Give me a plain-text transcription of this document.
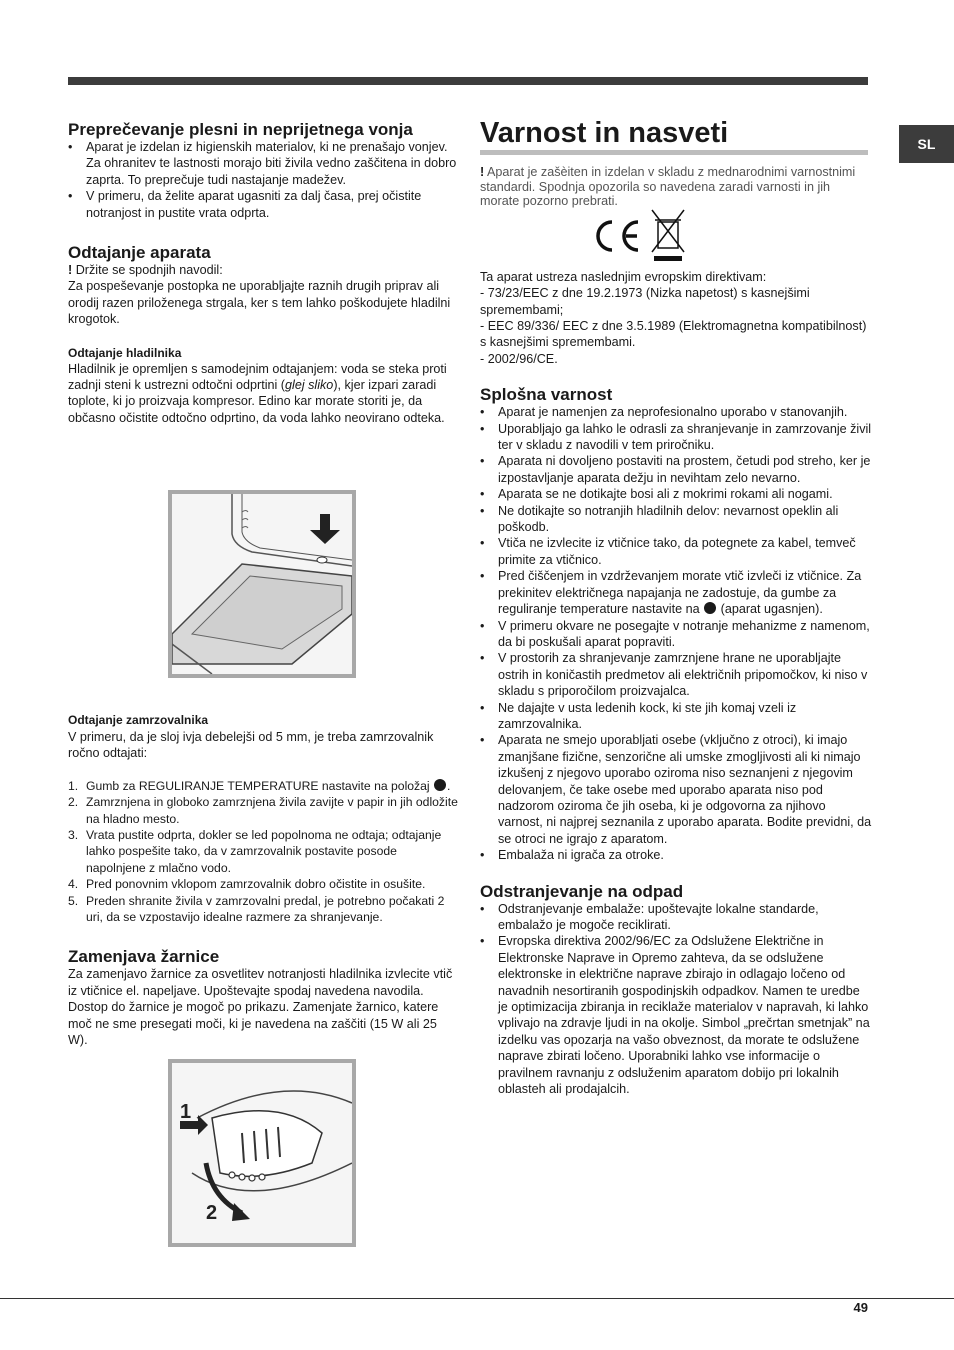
SL
Preprečevanje plesni in neprijetnega vonja
• Aparat je izdelan iz higienskih materialov, ki ne prenašajo vonjev. Za ohranitev te lastnosti morajo biti živila vedno zaščitena in dobro zaprta. To preprečuje tudi nastajanje madežev.
• V primeru, da želite aparat ugasniti za dalj časa, prej očistite notranjost in pustite vrata odprta.
Odtajanje aparata

! Držite se spodnjih navodil:

Za pospeševanje postopka ne uporabljajte raznih drugih priprav ali orodij razen priloženega strgala, ker s tem lahko poškodujete hladilni krogotok.

Odtajanje hladilnika

Hladilnik je opremljen s samodejnim odtajanjem: voda se steka proti zadnji steni k ustrezni odtočni odprtini (glej sliko), kjer izpari zaradi toplote, ki jo proizvaja kompresor. Edino kar morate storiti je, da občasno očistite odtočno odprtino, da voda lahko neovirano odteka.

Odtajanje zamrzovalnika

V primeru, da je sloj ivja debelejši od 5 mm, je treba zamrzovalnik ročno odtajati:

1. Gumb za REGULIRANJE TEMPERATURE nastavite na položaj .
2. Zamrznjena in globoko zamrznjena živila zavijte v papir in jih odložite na hladno mesto.
3. Vrata pustite odprta, dokler se led popolnoma ne odtaja; odtajanje lahko pospešite tako, da v zamrzovalnik postavite posode napolnjene z mlačno vodo.
4. Pred ponovnim vklopom zamrzovalnik dobro očistite in osušite.
5. Preden shranite živila v zamrzovalni predal, je potrebno počakati 2 uri, da se vzpostavijo idealne razmere za shranjevanje.
Zamenjava žarnice

Za zamenjavo žarnice za osvetlitev notranjosti hladilnika izvlecite vtič iz vtičnice el. napeljave. Upoštevajte spodaj navedena navodila. Dostop do žarnice je mogoč po prikazu. Zamenjate žarnico, katere moč ne sme presegati moči, ki je navedena na zaščiti (15 W ali 25 W).

1
2
Varnost in nasveti

! Aparat je zašèiten in izdelan v skladu z mednarodnimi varnostnimi standardi. Spodnja opozorila so navedena zaradi varnosti in jih morate pozorno prebrati.

Ta aparat ustreza naslednjim evropskim direktivam:

- 73/23/EEC z dne 19.2.1973 (Nizka napetost) s kasnejšimi spremembami;

- EEC 89/336/ EEC z dne 3.5.1989 (Elektromagnetna kompatibilnost) s kasnejšimi spremembami.

- 2002/96/CE.

Splošna varnost
• Aparat je namenjen za neprofesionalno uporabo v stanovanjih.
• Uporabljajo ga lahko le odrasli za shranjevanje in zamrzovanje živil ter v skladu z navodili v tem priročniku.
• Aparata ni dovoljeno postaviti na prostem, četudi pod streho, ker je izpostavljanje aparata dežju in nevihtam zelo nevarno.
• Aparata se ne dotikajte bosi ali z mokrimi rokami ali nogami.
• Ne dotikajte so notranjih hladilnih delov: nevarnost opeklin ali poškodb.
• Vtiča ne izvlecite iz vtičnice tako, da potegnete za kabel, temveč primite za vtičnico.
• Pred čiščenjem in vzdrževanjem morate vtič izvleči iz vtičnice. Za prekinitev električnega napajanja ne zadostuje, da gumbe za reguliranje temperature nastavite na  (aparat ugasnjen).
• V primeru okvare ne posegajte v notranje mehanizme z namenom, da bi poskušali aparat popraviti.
• V prostorih za shranjevanje zamrznjene hrane ne uporabljajte ostrih in koničastih predmetov ali električnih pripomočkov, ki niso v skladu s priporočilom proizvajalca.
• Ne dajajte v usta ledenih kock, ki ste jih komaj vzeli iz zamrzovalnika.
• Aparata ne smejo uporabljati osebe (vključno z otroci), ki imajo zmanjšane fizične, senzorične ali umske zmogljivosti ali ki nimajo izkušenj z njegovo uporabo oziroma niso seznanjeni z njegovim delovanjem, če take osebe med uporabo aparata niso pod nadzorom oziroma če jih oseba, ki je odgovorna za njihovo varnost, ni najprej seznanila z uporabo aparata. Bodite previdni, da se otroci ne igrajo z aparatom.
• Embalaža ni igrača za otroke.
Odstranjevanje na odpad
• Odstranjevanje embalaže: upoštevajte lokalne standarde, embalažo je mogoče reciklirati.
• Evropska direktiva 2002/96/EC za Odslužene Električne in Elektronske Naprave in Opremo zahteva, da se odslužene elektronske in električne naprave zbirajo in odlagajo ločeno od navadnih nesortiranih gospodinjskih odpadkov. Namen te uredbe je optimizacija zbiranja in reciklaže materialov v napravah, ki lahko vplivajo na zdravje ljudi in na okolje. Simbol „prečrtan smetnjak” na izdelku vas opozarja na vašo obveznost, da morate te odslužene naprave zbirati ločeno. Uporabniki lahko vse informacije o pravilnem ravnanju z odsluženim aparatom dobijo pri lokalnih oblasteh ali prodajalcih.
49
